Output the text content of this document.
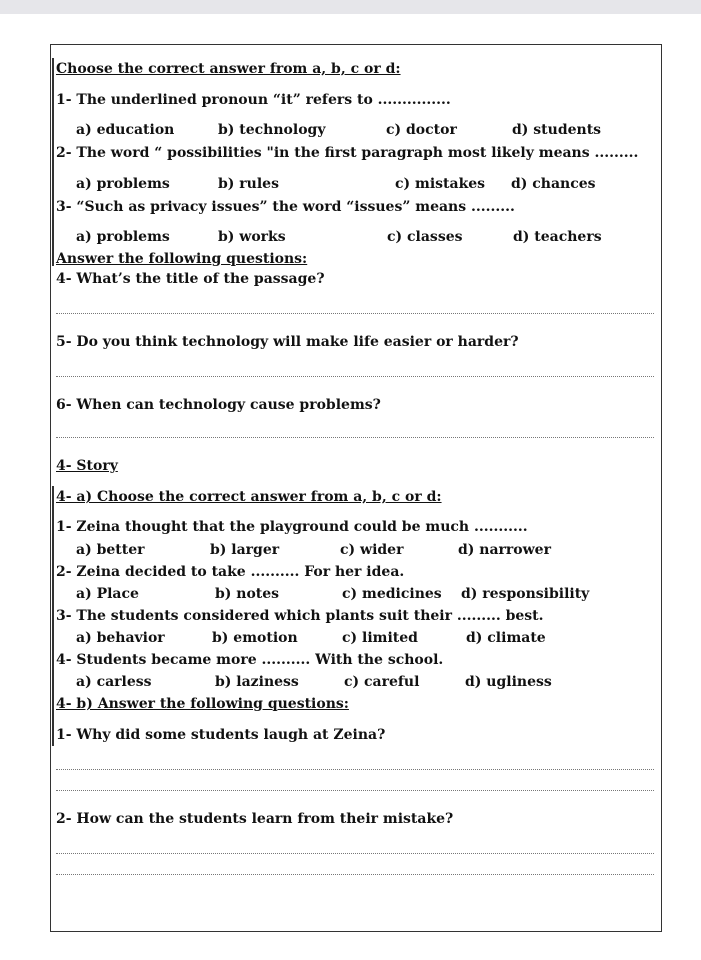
Choose the correct answer from a, b, c or d:
1- The underlined pronoun “it” refers to ...............
a) education	b) technology	c) doctor	d) students
2- The word “ possibilities "in the first paragraph most likely means .........
a) problems	b) rules	c) mistakes d) chances
3- “Such as privacy issues” the word “issues” means .........
a) problems	b) works	c) classes	d) teachers
Answer the following questions:
4- What’s the title of the passage?
5- Do you think technology will make life easier or harder?
6- When can technology cause problems?
4- Story
4- a) Choose the correct answer from a, b, c or d:
1- Zeina thought that the playground could be much ...........
a) better	b) larger	c) wider	d) narrower
2- Zeina decided to take .......... For her idea.
a) Place	b) notes	c) medicines d) responsibility
3- The students considered which plants suit their ......... best.
a) behavior	b) emotion	c) limited	d) climate
4- Students became more .......... With the school.
a) carless	b) laziness	c) careful	d) ugliness
4- b) Answer the following questions:
1- Why did some students laugh at Zeina?
2- How can the students learn from their mistake?
